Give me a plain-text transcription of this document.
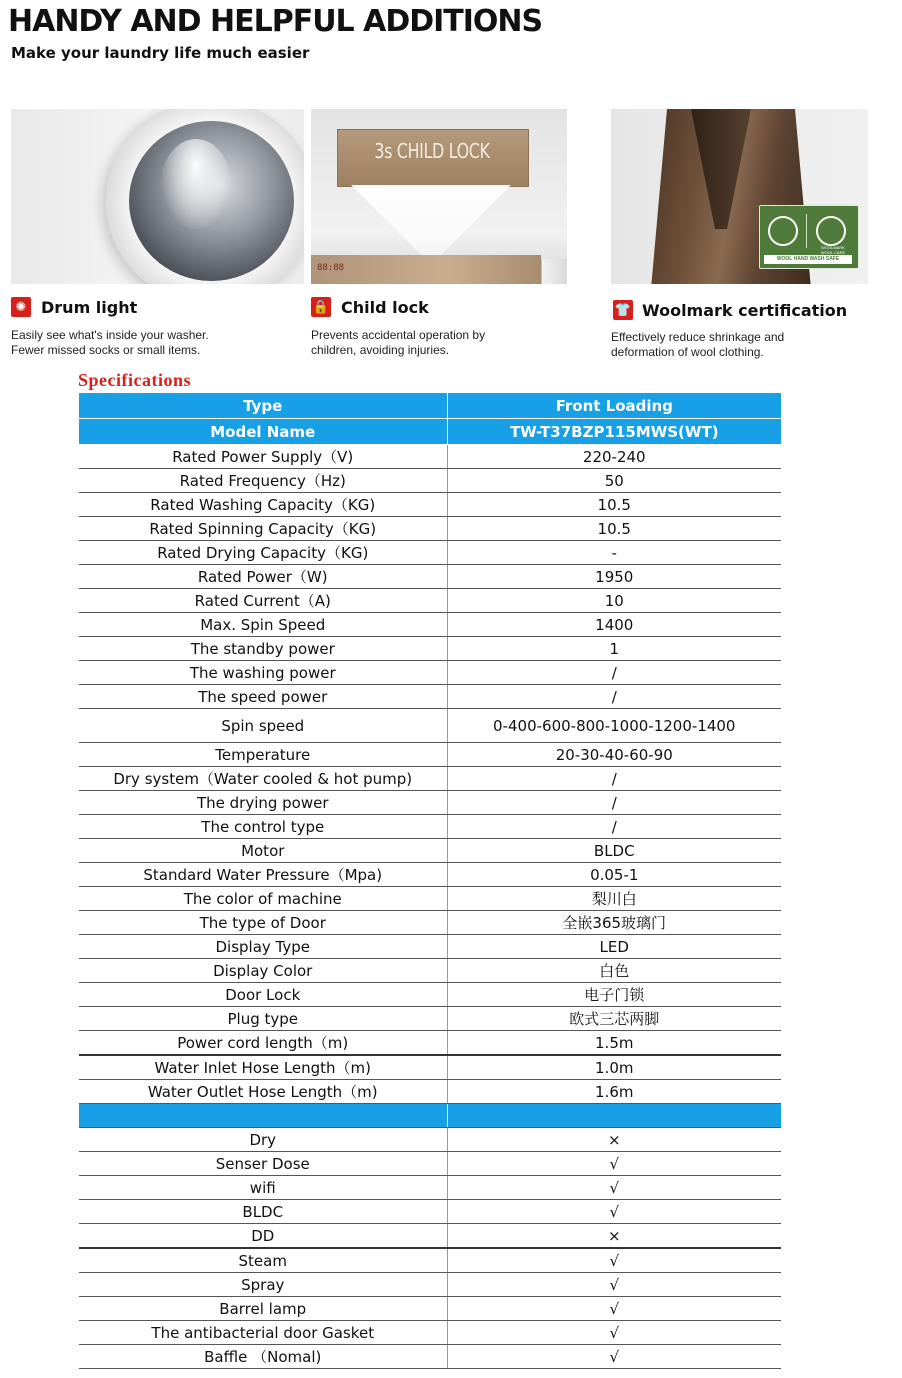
HANDY AND HELPFUL ADDITIONS

Make your laundry life much easier

3s CHILD LOCK
88:88
WOOLMARK
WOOL CARE
WOOL HAND WASH SAFE
✺ Drum light
Easily see what's inside your washer.
Fewer missed socks or small items.
🔒 Child lock
Prevents accidental operation by
children, avoiding injuries.
👕 Woolmark certification
Effectively reduce shrinkage and
deformation of wool clothing.
Specifications
Type	Front Loading
Model Name	TW-T37BZP115MWS(WT)
Rated Power Supply（V)	220-240
Rated Frequency（Hz)	50
Rated Washing Capacity（KG)	10.5
Rated Spinning Capacity（KG)	10.5
Rated Drying Capacity（KG)	-
Rated Power（W)	1950
Rated Current（A)	10
Max. Spin Speed	1400
The standby power	1
The washing power	/
The speed power	/
Spin speed	0-400-600-800-1000-1200-1400
Temperature	20-30-40-60-90
Dry system（Water cooled & hot pump)	/
The drying power	/
The control type	/
Motor	BLDC
Standard Water Pressure（Mpa)	0.05-1
The color of machine	梨川白
The type of Door	全嵌365玻璃门
Display Type	LED
Display Color	白色
Door Lock	电子门锁
Plug type	欧式三芯两脚
Power cord length（m)	1.5m
Water Inlet Hose Length（m)	1.0m
Water Outlet Hose Length（m)	1.6m

Dry	×
Senser Dose	√
wifi	√
BLDC	√
DD	×
Steam	√
Spray	√
Barrel lamp	√
The antibacterial door Gasket	√
Baffle （Nomal)	√
